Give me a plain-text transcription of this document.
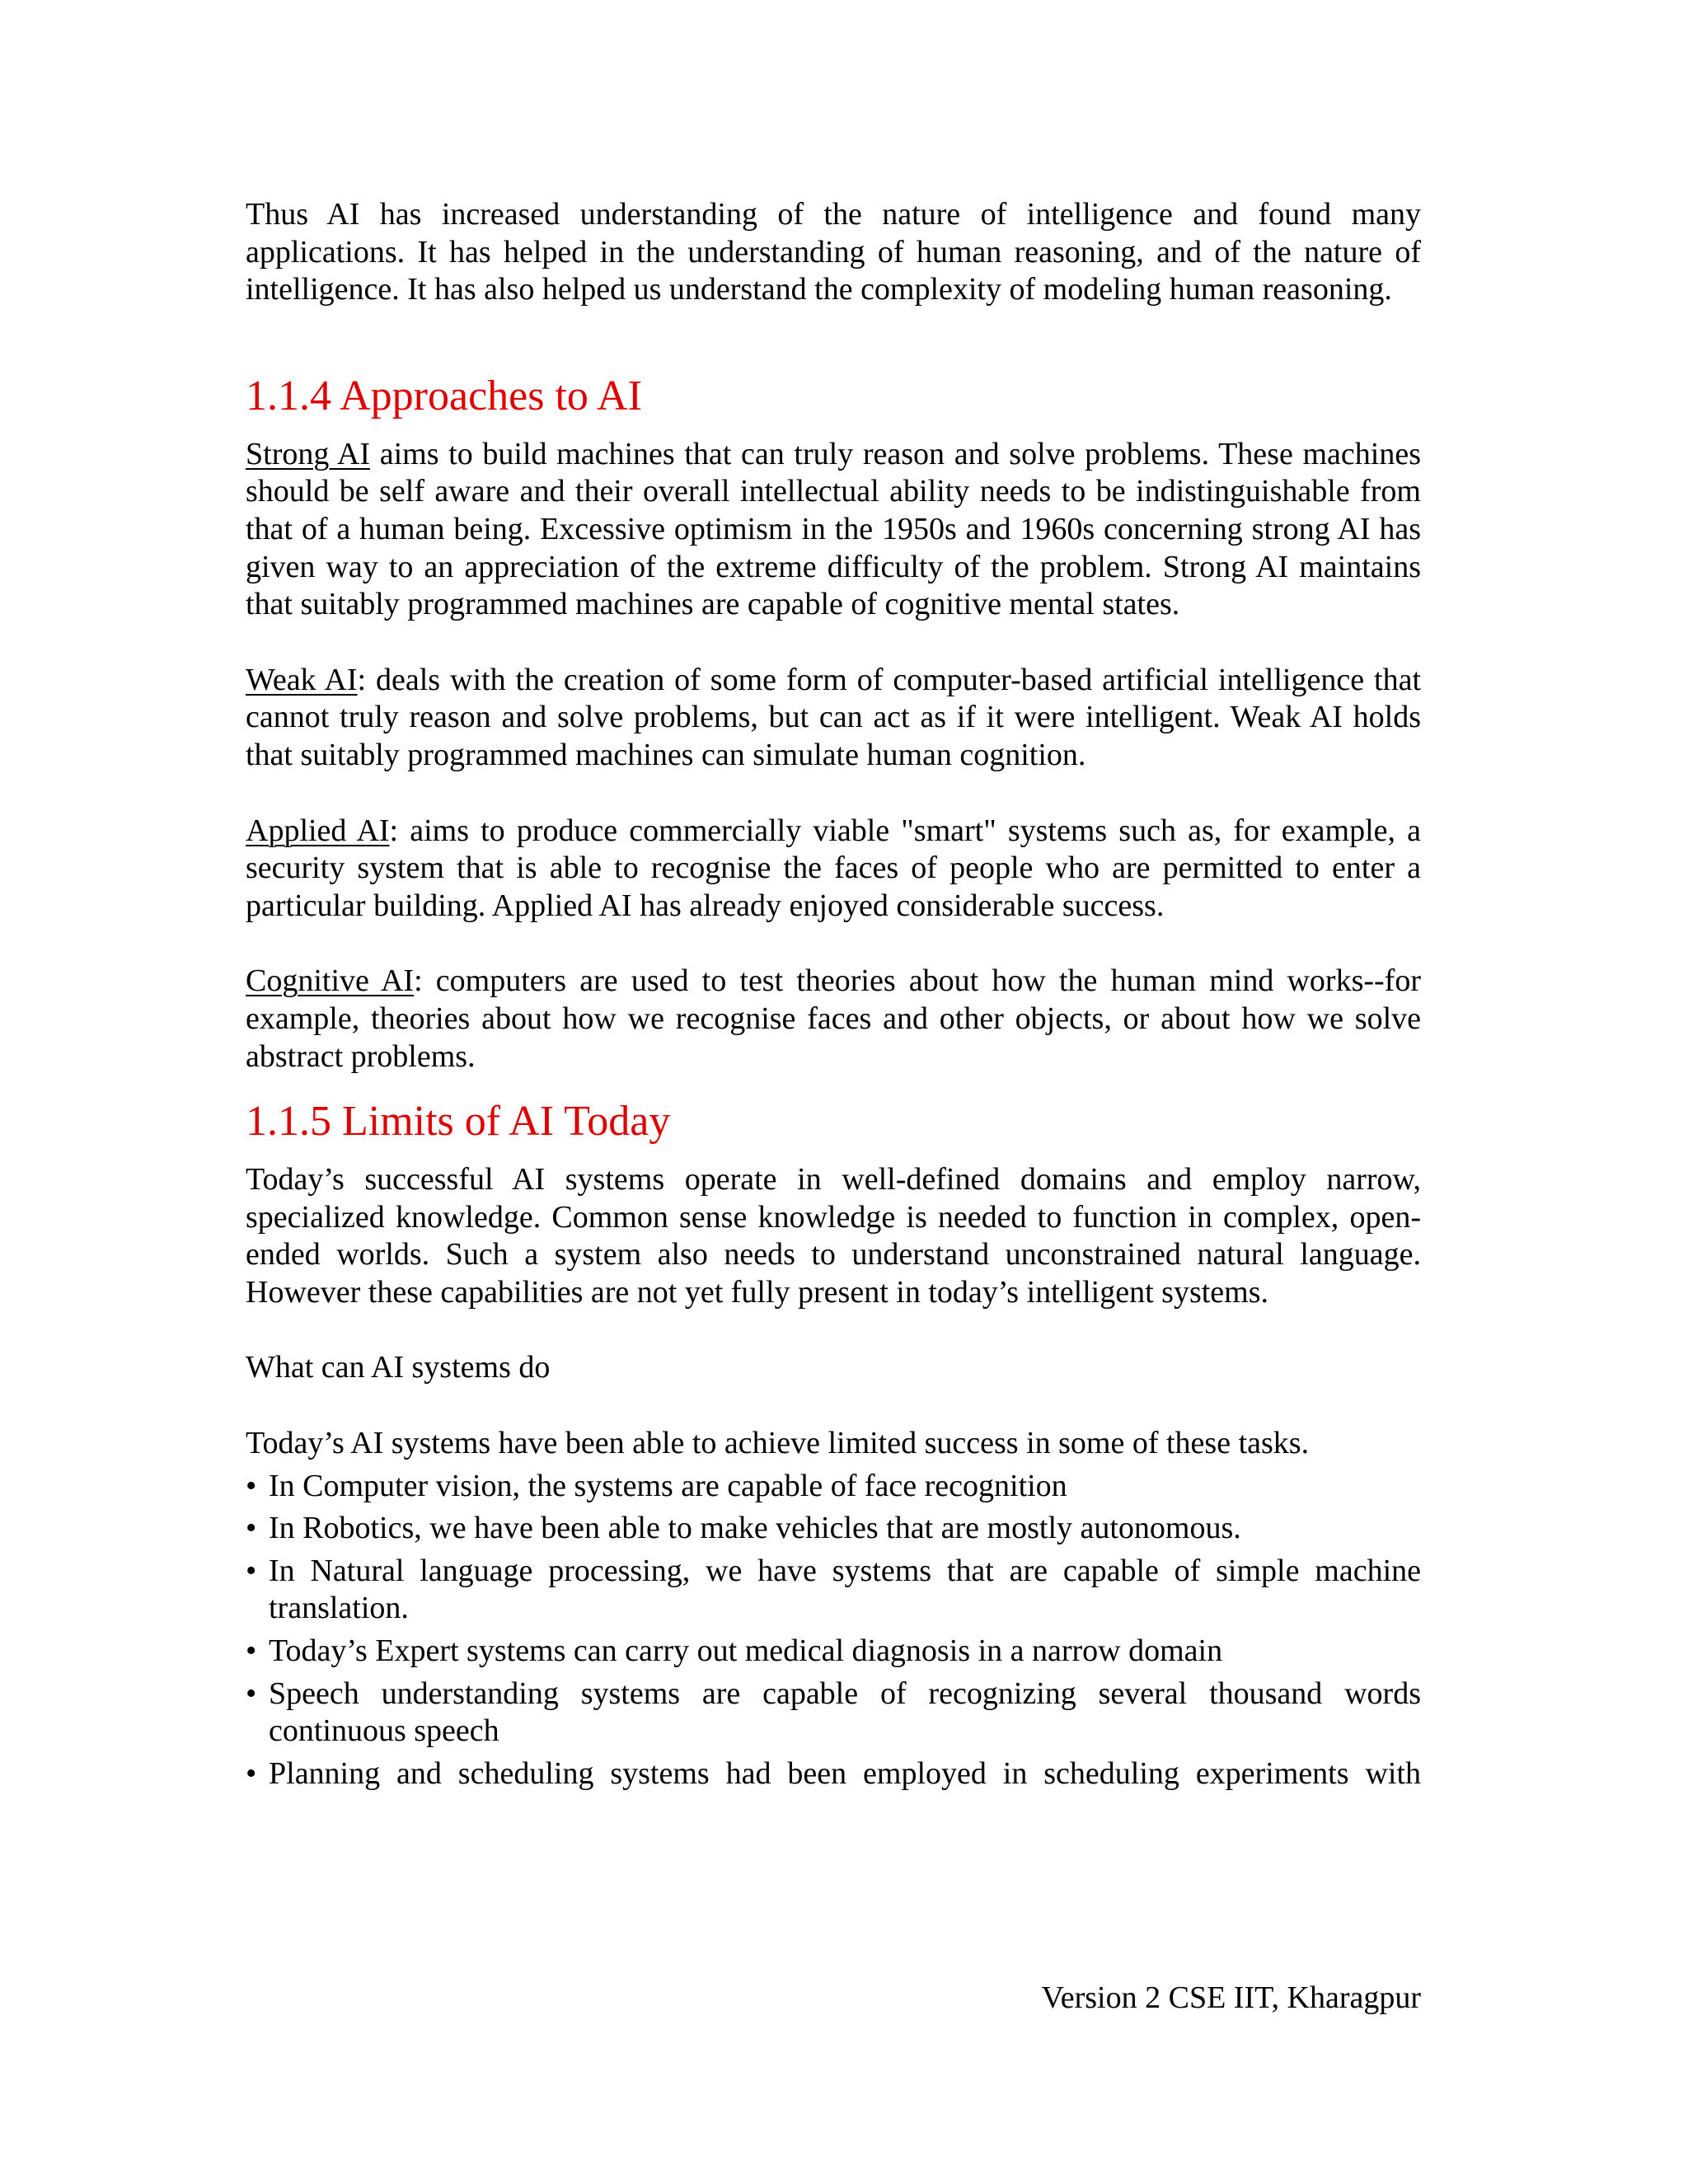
Thus AI has increased understanding of the nature of intelligence and found many applications. It has helped in the understanding of human reasoning, and of the nature of intelligence. It has also helped us understand the complexity of modeling human reasoning.

1.1.4 Approaches to AI

Strong AI aims to build machines that can truly reason and solve problems. These machines should be self aware and their overall intellectual ability needs to be indistinguishable from that of a human being. Excessive optimism in the 1950s and 1960s concerning strong AI has given way to an appreciation of the extreme difficulty of the problem. Strong AI maintains that suitably programmed machines are capable of cognitive mental states.

Weak AI: deals with the creation of some form of computer-based artificial intelligence that cannot truly reason and solve problems, but can act as if it were intelligent. Weak AI holds that suitably programmed machines can simulate human cognition.

Applied AI: aims to produce commercially viable "smart" systems such as, for example, a security system that is able to recognise the faces of people who are permitted to enter a particular building. Applied AI has already enjoyed considerable success.

Cognitive AI: computers are used to test theories about how the human mind works--for example, theories about how we recognise faces and other objects, or about how we solve abstract problems.

1.1.5 Limits of AI Today

Today’s successful AI systems operate in well-defined domains and employ narrow, specialized knowledge. Common sense knowledge is needed to function in complex, open-ended worlds. Such a system also needs to understand unconstrained natural language. However these capabilities are not yet fully present in today’s intelligent systems.

What can AI systems do

Today’s AI systems have been able to achieve limited success in some of these tasks.

• In Computer vision, the systems are capable of face recognition
• In Robotics, we have been able to make vehicles that are mostly autonomous.
• In Natural language processing, we have systems that are capable of simple machine translation.
• Today’s Expert systems can carry out medical diagnosis in a narrow domain
• Speech understanding systems are capable of recognizing several thousand words continuous speech
• Planning and scheduling systems had been employed in scheduling experiments with
Version 2 CSE IIT, Kharagpur
